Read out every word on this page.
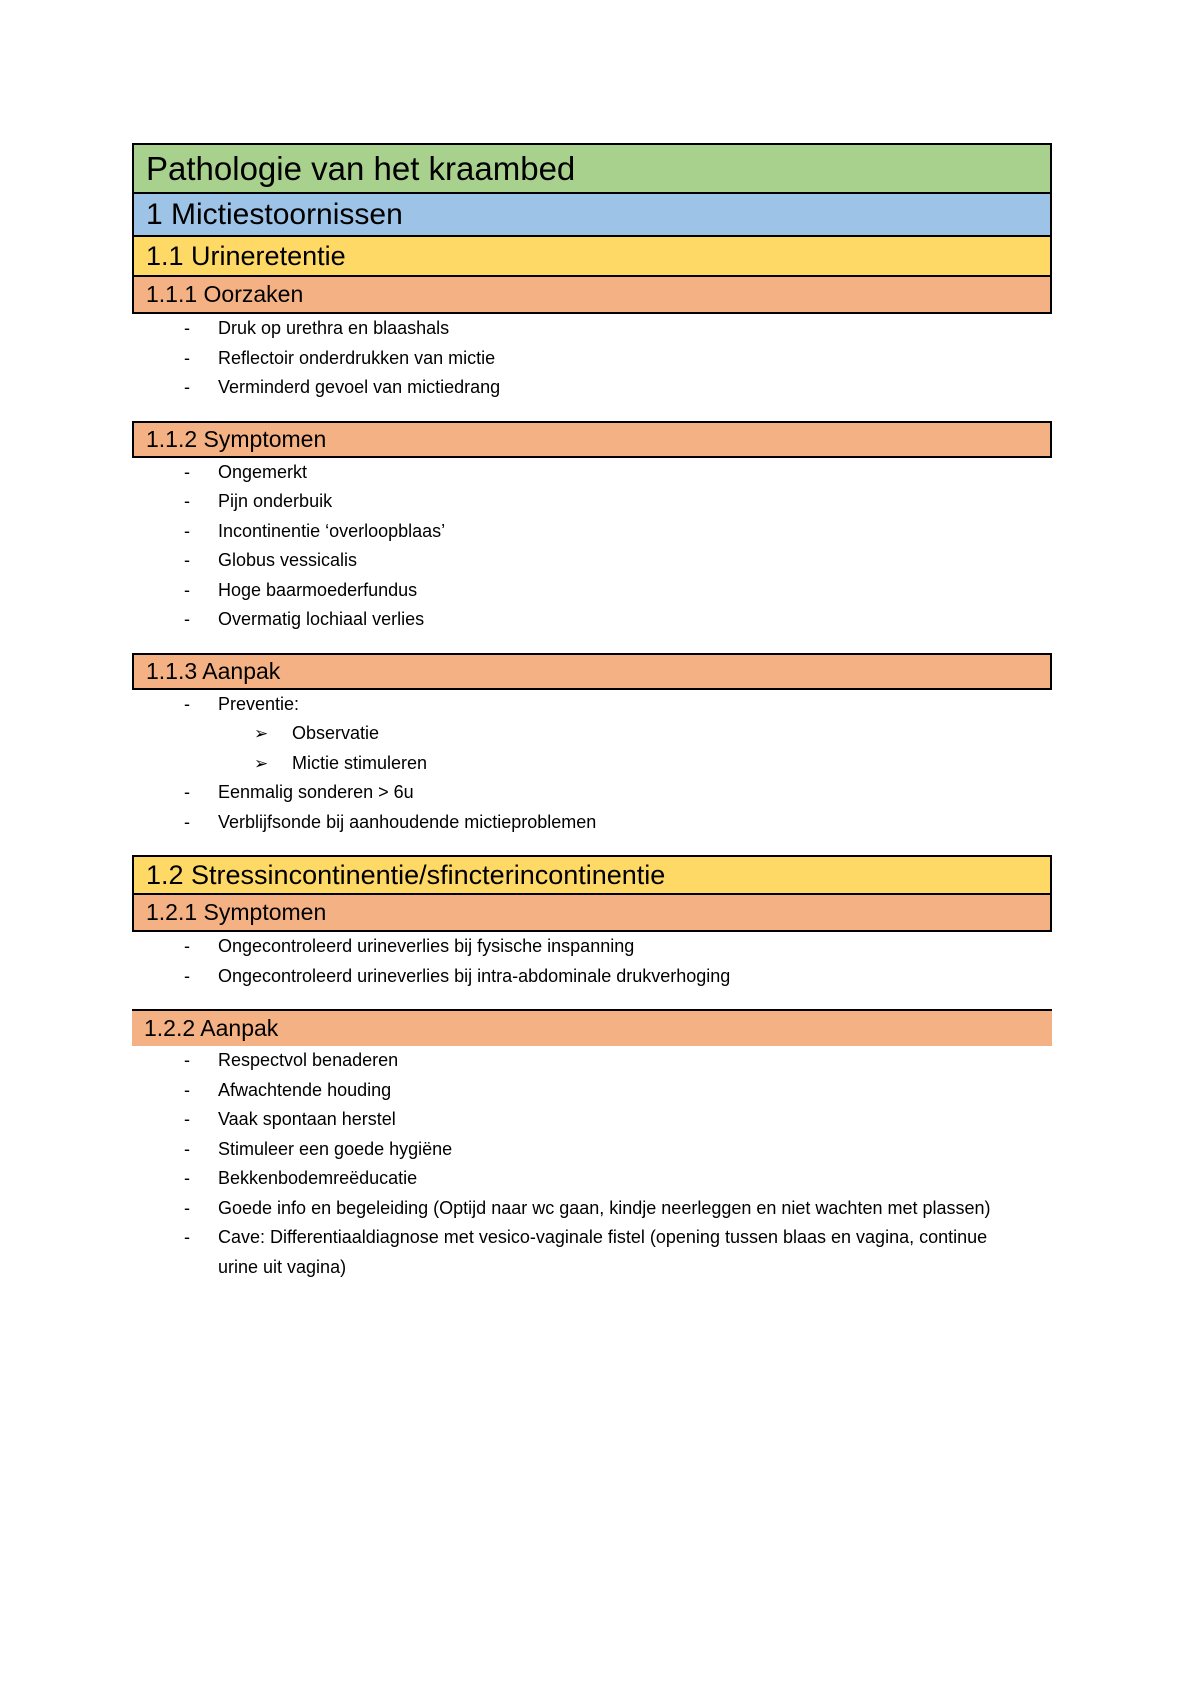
Pathologie van het kraambed
1 Mictiestoornissen
1.1 Urineretentie
1.1.1 Oorzaken
- Druk op urethra en blaashals
- Reflectoir onderdrukken van mictie
- Verminderd gevoel van mictiedrang
1.1.2 Symptomen
- Ongemerkt
- Pijn onderbuik
- Incontinentie ‘overloopblaas’
- Globus vessicalis
- Hoge baarmoederfundus
- Overmatig lochiaal verlies
1.1.3 Aanpak
- Preventie:
➢ Observatie
➢ Mictie stimuleren
- Eenmalig sonderen > 6u
- Verblijfsonde bij aanhoudende mictieproblemen
1.2 Stressincontinentie/sfincterincontinentie
1.2.1 Symptomen
- Ongecontroleerd urineverlies bij fysische inspanning
- Ongecontroleerd urineverlies bij intra-abdominale drukverhoging
1.2.2 Aanpak
- Respectvol benaderen
- Afwachtende houding
- Vaak spontaan herstel
- Stimuleer een goede hygiëne
- Bekkenbodemreëducatie
- Goede info en begeleiding (Optijd naar wc gaan, kindje neerleggen en niet wachten met plassen)
- Cave: Differentiaaldiagnose met vesico-vaginale fistel (opening tussen blaas en vagina, continue urine uit vagina)
